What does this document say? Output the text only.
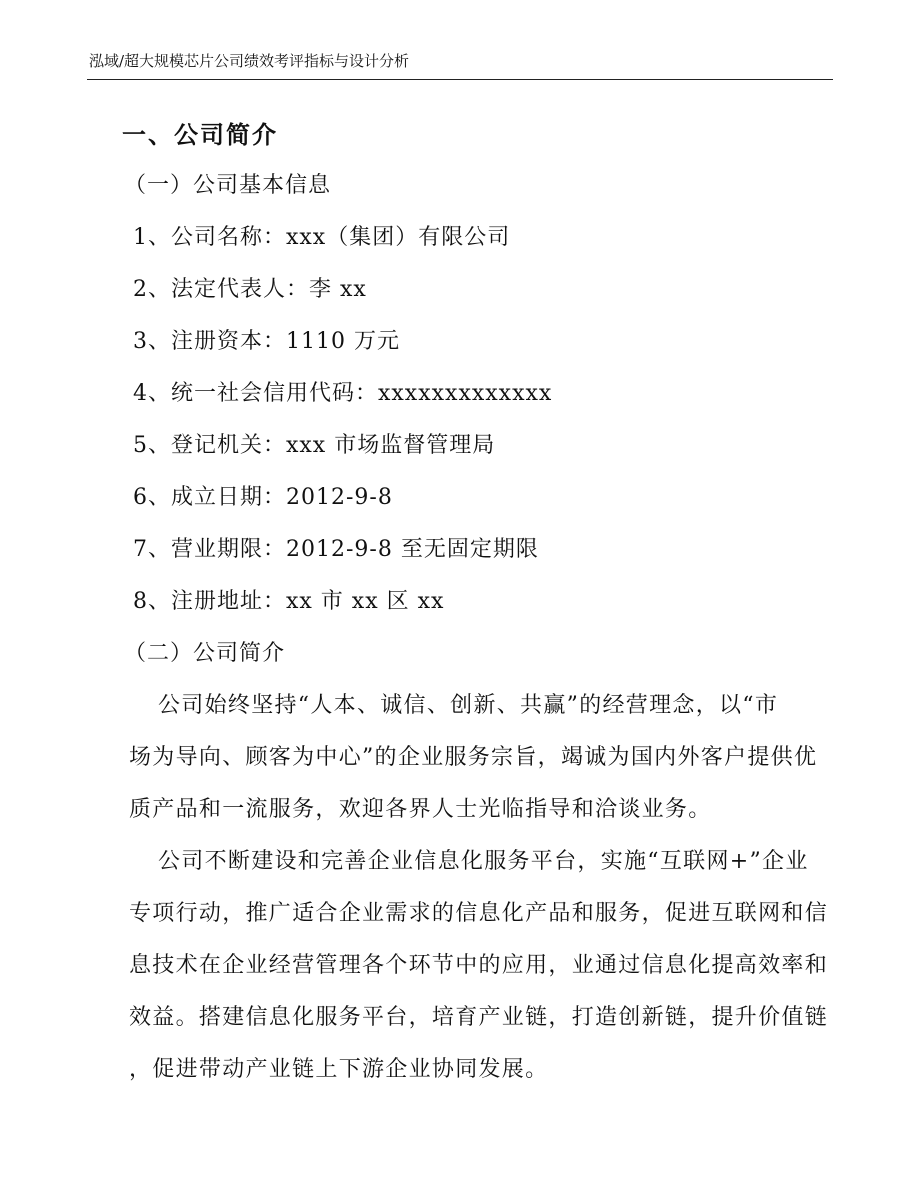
泓域/超大规模芯片公司绩效考评指标与设计分析
一、公司简介
（一）公司基本信息
1、公司名称：xxx（集团）有限公司
2、法定代表人：李 xx
3、注册资本：1110 万元
4、统一社会信用代码：xxxxxxxxxxxxx
5、登记机关：xxx 市场监督管理局
6、成立日期：2012-9-8
7、营业期限：2012-9-8 至无固定期限
8、注册地址：xx 市 xx 区 xx
（二）公司简介
公司始终坚持“人本、诚信、创新、共赢”的经营理念，以“市
场为导向、顾客为中心”的企业服务宗旨，竭诚为国内外客户提供优
质产品和一流服务，欢迎各界人士光临指导和洽谈业务。
公司不断建设和完善企业信息化服务平台，实施“互联网+”企业
专项行动，推广适合企业需求的信息化产品和服务，促进互联网和信
息技术在企业经营管理各个环节中的应用，业通过信息化提高效率和
效益。搭建信息化服务平台，培育产业链，打造创新链，提升价值链
，促进带动产业链上下游企业协同发展。
